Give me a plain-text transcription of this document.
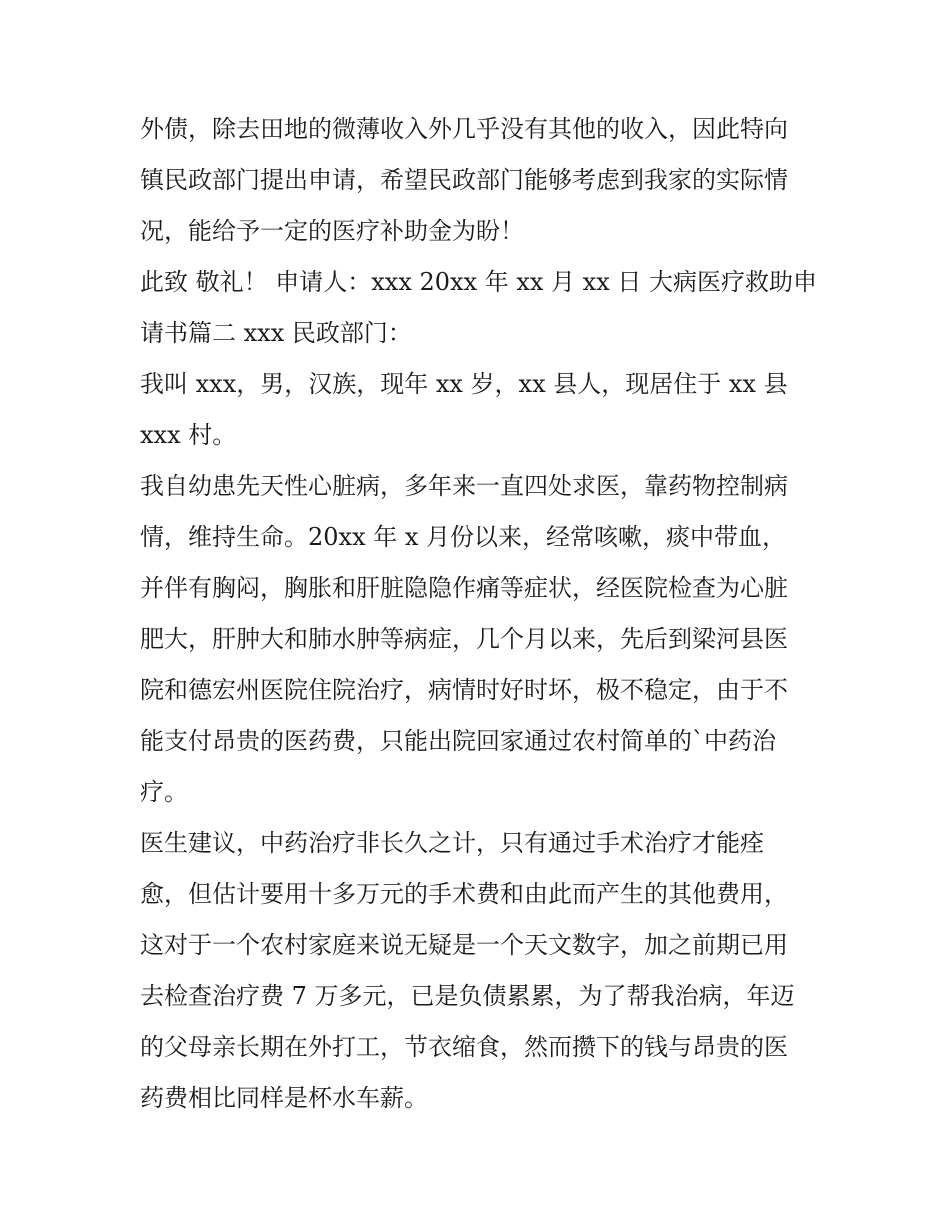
外债，除去田地的微薄收入外几乎没有其他的收入，因此特向
镇民政部门提出申请，希望民政部门能够考虑到我家的实际情
况，能给予一定的医疗补助金为盼！
此致 敬礼！ 申请人：xxx 20xx 年 xx 月 xx 日 大病医疗救助申
请书篇二 xxx 民政部门：
我叫 xxx，男，汉族，现年 xx 岁，xx 县人，现居住于 xx 县
xxx 村。
我自幼患先天性心脏病，多年来一直四处求医，靠药物控制病
情，维持生命。20xx 年 x 月份以来，经常咳嗽，痰中带血，
并伴有胸闷，胸胀和肝脏隐隐作痛等症状，经医院检查为心脏
肥大，肝肿大和肺水肿等病症，几个月以来，先后到梁河县医
院和德宏州医院住院治疗，病情时好时坏，极不稳定，由于不
能支付昂贵的医药费，只能出院回家通过农村简单的`中药治
疗。
医生建议，中药治疗非长久之计，只有通过手术治疗才能痊
愈，但估计要用十多万元的手术费和由此而产生的其他费用，
这对于一个农村家庭来说无疑是一个天文数字，加之前期已用
去检查治疗费 7 万多元，已是负债累累，为了帮我治病，年迈
的父母亲长期在外打工，节衣缩食，然而攒下的钱与昂贵的医
药费相比同样是杯水车薪。
